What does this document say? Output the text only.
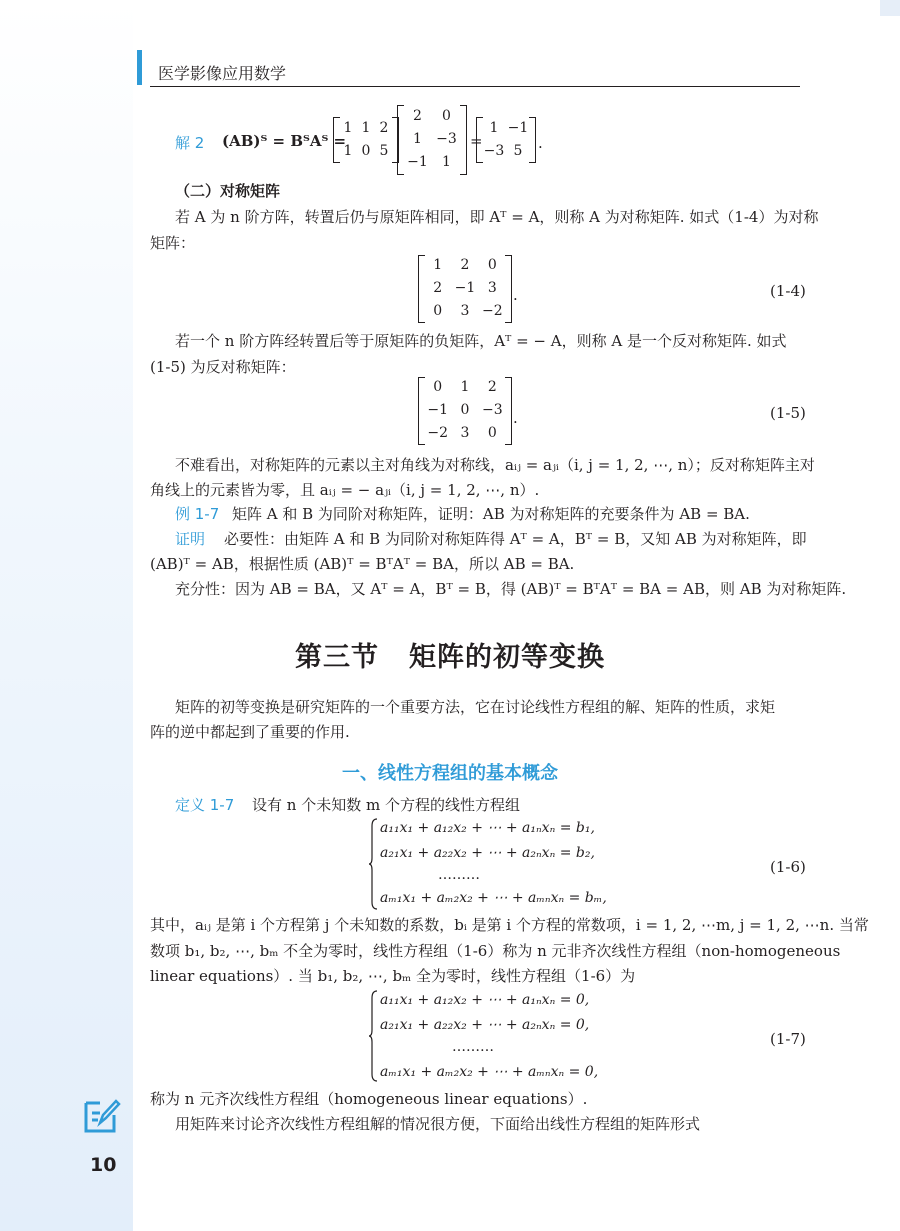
医学影像应用数学
解 2 (AB)ᵀ = BᵀAᵀ =
1 1 2
1 0 5
2	0
1	−3
−1	1
=
1 −1
−3 5	.
（二）对称矩阵
若 A 为 n 阶方阵，转置后仍与原矩阵相同，即 Aᵀ = A，则称 A 为对称矩阵. 如式（1-4）为对称
矩阵：
1	2	0
2 −1 3
0	3 −2
.	(1-4)
若一个 n 阶方阵经转置后等于原矩阵的负矩阵，Aᵀ = − A，则称 A 是一个反对称矩阵. 如式
(1-5) 为反对称矩阵：
0	1	2
−1 0 −3
−2 3	0
.	(1-5)
不难看出，对称矩阵的元素以主对角线为对称线，aᵢⱼ = aⱼᵢ（i, j = 1, 2, ⋯, n）；反对称矩阵主对
角线上的元素皆为零，且 aᵢⱼ = − aⱼᵢ（i, j = 1, 2, ⋯, n）.
例 1-7 矩阵 A 和 B 为同阶对称矩阵，证明：AB 为对称矩阵的充要条件为 AB = BA.
证明 必要性：由矩阵 A 和 B 为同阶对称矩阵得 Aᵀ = A，Bᵀ = B，又知 AB 为对称矩阵，即
(AB)ᵀ = AB，根据性质 (AB)ᵀ = BᵀAᵀ = BA，所以 AB = BA.
充分性：因为 AB = BA，又 Aᵀ = A，Bᵀ = B，得 (AB)ᵀ = BᵀAᵀ = BA = AB，则 AB 为对称矩阵.
第三节 矩阵的初等变换
矩阵的初等变换是研究矩阵的一个重要方法，它在讨论线性方程组的解、矩阵的性质，求矩
阵的逆中都起到了重要的作用.
一、线性方程组的基本概念
定义 1-7 设有 n 个未知数 m 个方程的线性方程组
a₁₁x₁ + a₁₂x₂ + ⋯ + a₁ₙxₙ = b₁,
a₂₁x₁ + a₂₂x₂ + ⋯ + a₂ₙxₙ = b₂,
………
aₘ₁x₁ + aₘ₂x₂ + ⋯ + aₘₙxₙ = bₘ,
(1-6)
其中，aᵢⱼ 是第 i 个方程第 j 个未知数的系数，bᵢ 是第 i 个方程的常数项，i = 1, 2, ⋯m, j = 1, 2, ⋯n. 当常
数项 b₁, b₂, ⋯, bₘ 不全为零时，线性方程组（1-6）称为 n 元非齐次线性方程组（non-homogeneous
linear equations）. 当 b₁, b₂, ⋯, bₘ 全为零时，线性方程组（1-6）为
a₁₁x₁ + a₁₂x₂ + ⋯ + a₁ₙxₙ = 0,
a₂₁x₁ + a₂₂x₂ + ⋯ + a₂ₙxₙ = 0,
………
aₘ₁x₁ + aₘ₂x₂ + ⋯ + aₘₙxₙ = 0,
(1-7)
称为 n 元齐次线性方程组（homogeneous linear equations）.
用矩阵来讨论齐次线性方程组解的情况很方便，下面给出线性方程组的矩阵形式
10
